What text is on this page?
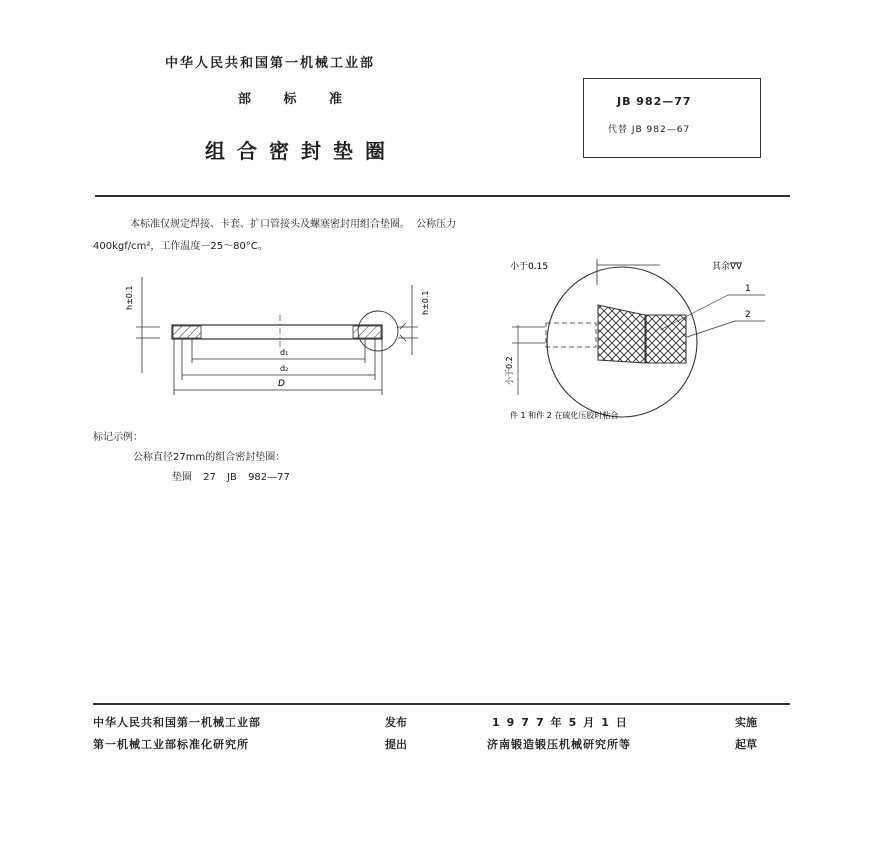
中华人民共和国第一机械工业部
部 标 准
组合密封垫圈
JB 982—77
代替 JB 982—67
本标准仅规定焊接、卡套、扩口管接头及螺塞密封用组合垫圈。 公称压力
400kgf/cm²，工作温度－25～80°C。
h±0.1
d₁
d₂
D
h±0.1
小于0.15	其余∇∇
1
2
小于0.2
件 1 和件 2 在硫化压胶时粘合
标记示例：
公称直径27mm的组合密封垫圈：
垫圈 27 JB 982—77
中华人民共和国第一机械工业部	发布	1977年5月1日	实施
第一机械工业部标准化研究所	提出	济南锻造锻压机械研究所等	起草
